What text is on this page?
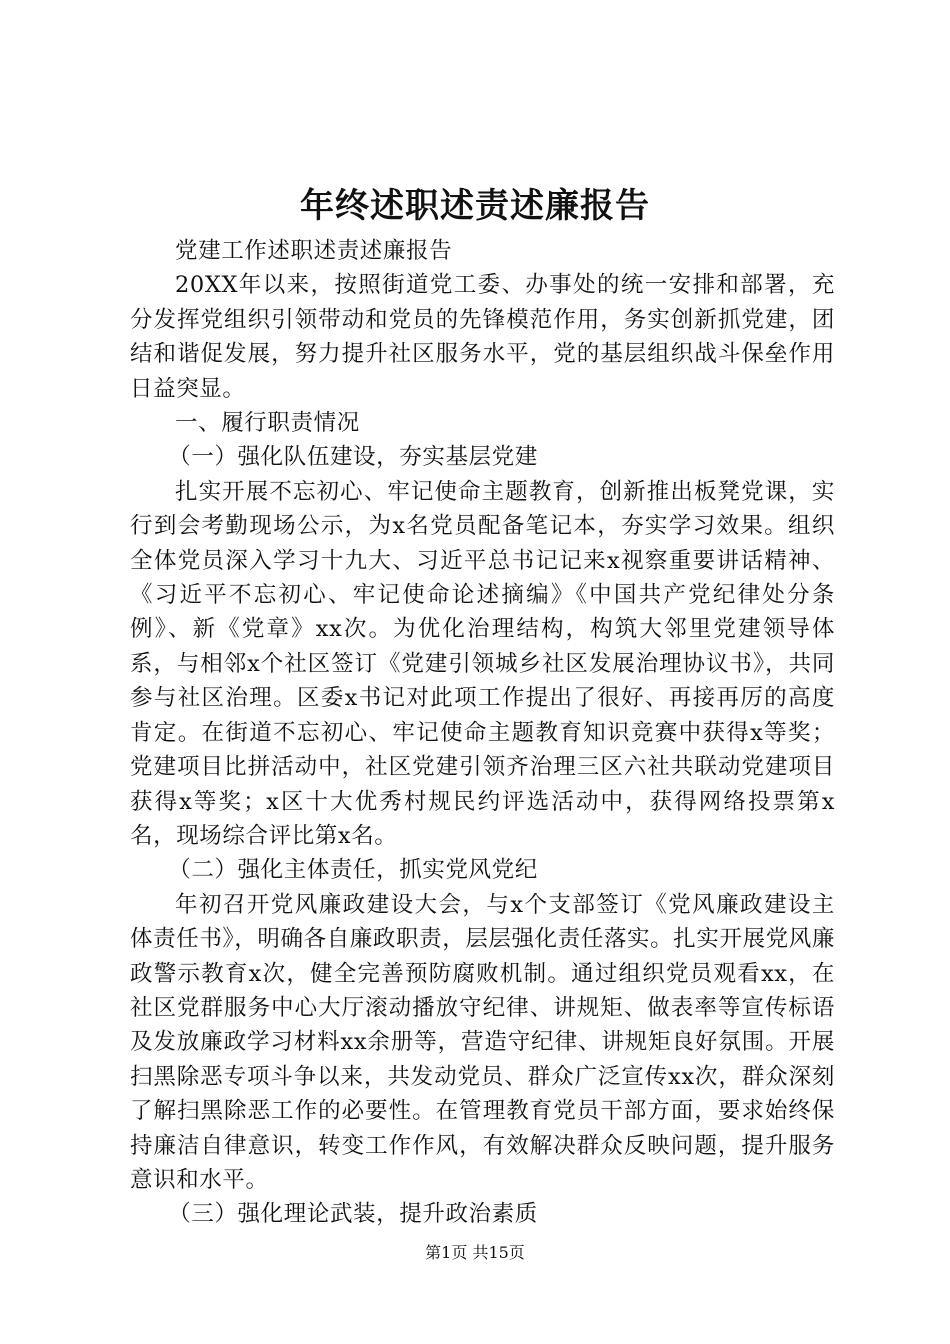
年终述职述责述廉报告

党建工作述职述责述廉报告

20XX年以来，按照街道党工委、办事处的统一安排和部署，充分发挥党组织引领带动和党员的先锋模范作用，务实创新抓党建，团结和谐促发展，努力提升社区服务水平，党的基层组织战斗保垒作用日益突显。

一、履行职责情况

（一）强化队伍建设，夯实基层党建

扎实开展不忘初心、牢记使命主题教育，创新推出板凳党课，实行到会考勤现场公示，为x名党员配备笔记本，夯实学习效果。组织全体党员深入学习十九大、习近平总书记记来x视察重要讲话精神、《习近平不忘初心、牢记使命论述摘编》《中国共产党纪律处分条例》、新《党章》xx次。为优化治理结构，构筑大邻里党建领导体系，与相邻x个社区签订《党建引领城乡社区发展治理协议书》，共同参与社区治理。区委x书记对此项工作提出了很好、再接再厉的高度肯定。在街道不忘初心、牢记使命主题教育知识竞赛中获得x等奖；党建项目比拼活动中，社区党建引领齐治理三区六社共联动党建项目获得x等奖；x区十大优秀村规民约评选活动中，获得网络投票第x名，现场综合评比第x名。

（二）强化主体责任，抓实党风党纪

年初召开党风廉政建设大会，与x个支部签订《党风廉政建设主体责任书》，明确各自廉政职责，层层强化责任落实。扎实开展党风廉政警示教育x次，健全完善预防腐败机制。通过组织党员观看xx，在社区党群服务中心大厅滚动播放守纪律、讲规矩、做表率等宣传标语及发放廉政学习材料xx余册等，营造守纪律、讲规矩良好氛围。开展扫黑除恶专项斗争以来，共发动党员、群众广泛宣传xx次，群众深刻了解扫黑除恶工作的必要性。在管理教育党员干部方面，要求始终保持廉洁自律意识，转变工作作风，有效解决群众反映问题，提升服务意识和水平。

（三）强化理论武装，提升政治素质

第1页 共15页
